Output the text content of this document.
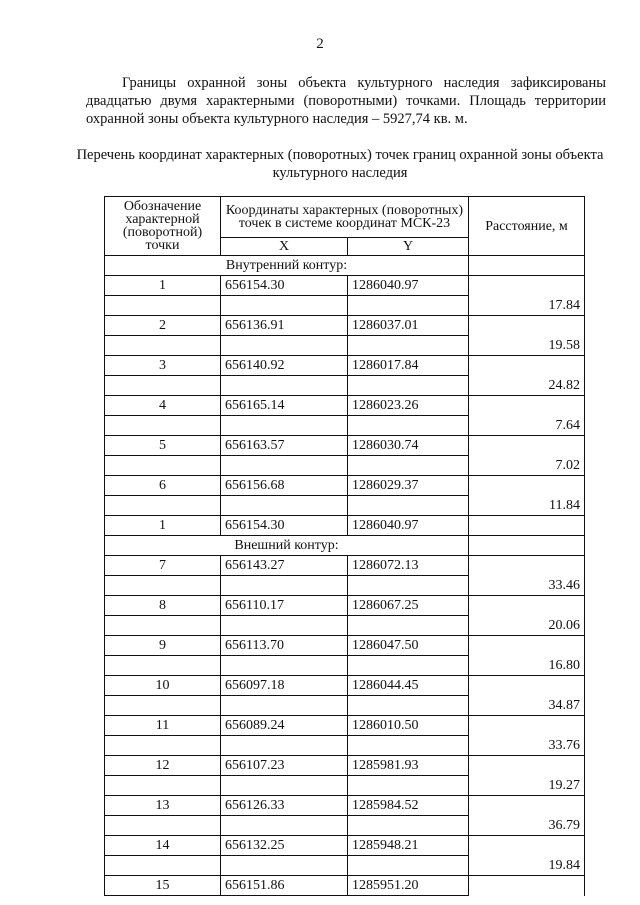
2

Границы охранной зоны объекта культурного наследия зафиксированы двадцатью двумя характерными (поворотными) точками. Площадь территории охранной зоны объекта культурного наследия – 5927,74 кв. м.

Перечень координат характерных (поворотных) точек границ охранной зоны объекта культурного наследия

Обозначение характерной (поворотной) точки	Координаты характерных (поворотных) точек в системе координат МСК-23		Расстояние, м
	X	Y	
Внутренний контур:			
1	656154.30	1286040.97	
			17.84
2	656136.91	1286037.01	
			19.58
3	656140.92	1286017.84	
			24.82
4	656165.14	1286023.26	
			7.64
5	656163.57	1286030.74	
			7.02
6	656156.68	1286029.37	
			11.84
1	656154.30	1286040.97	
Внешний контур:			
7	656143.27	1286072.13	
			33.46
8	656110.17	1286067.25	
			20.06
9	656113.70	1286047.50	
			16.80
10	656097.18	1286044.45	
			34.87
11	656089.24	1286010.50	
			33.76
12	656107.23	1285981.93	
			19.27
13	656126.33	1285984.52	
			36.79
14	656132.25	1285948.21	
			19.84
15	656151.86	1285951.20	
